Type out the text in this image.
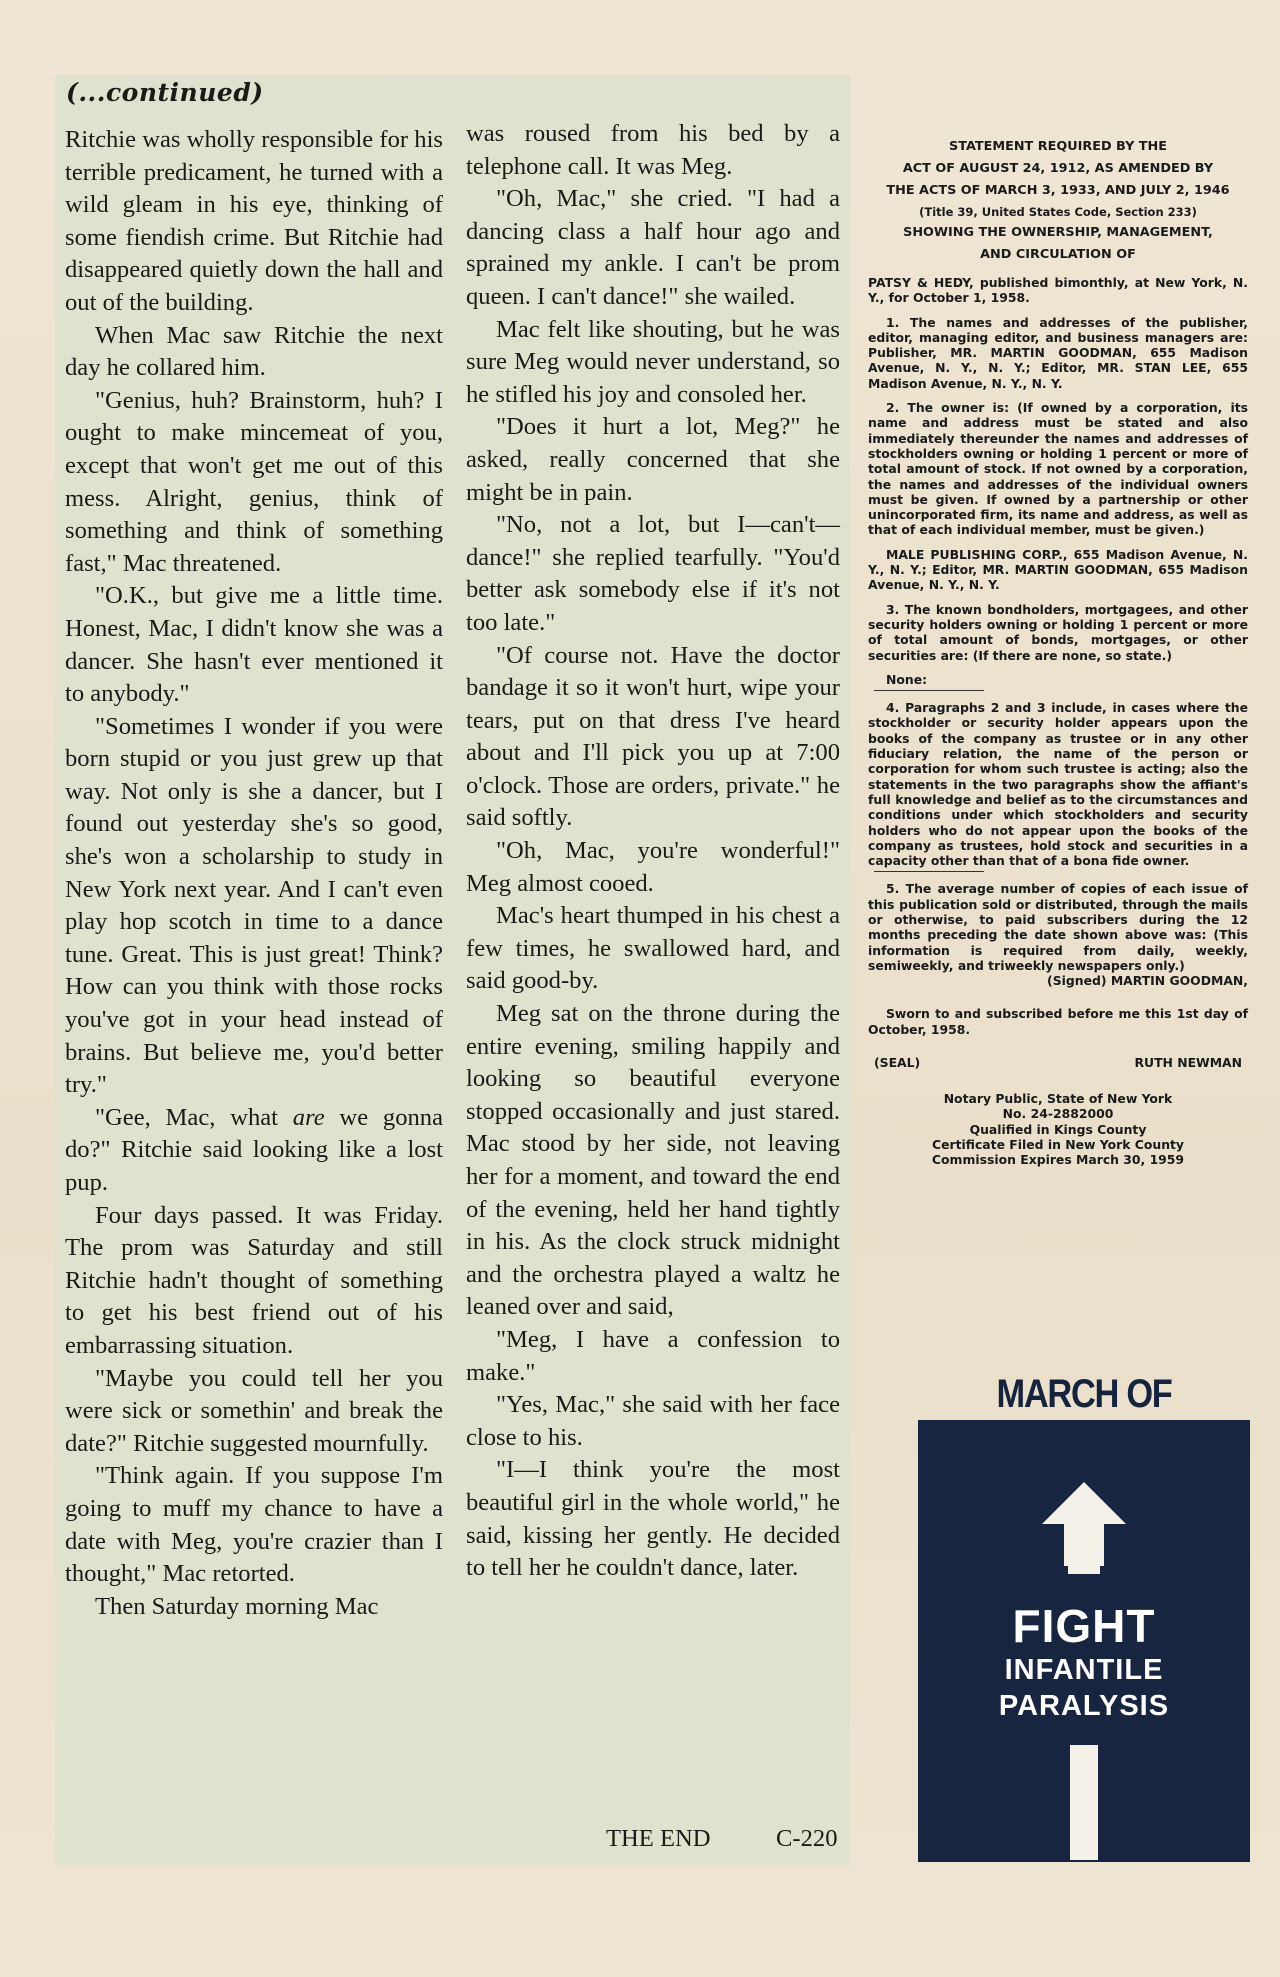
(...continued)

Ritchie was wholly responsible for his terrible predicament, he turned with a wild gleam in his eye, thinking of some fiendish crime. But Ritchie had disappeared quietly down the hall and out of the building.

When Mac saw Ritchie the next day he collared him.

"Genius, huh? Brainstorm, huh? I ought to make mincemeat of you, except that won't get me out of this mess. Alright, genius, think of something and think of something fast," Mac threatened.

"O.K., but give me a little time. Honest, Mac, I didn't know she was a dancer. She hasn't ever mentioned it to anybody."

"Sometimes I wonder if you were born stupid or you just grew up that way. Not only is she a dancer, but I found out yesterday she's so good, she's won a scholarship to study in New York next year. And I can't even play hop scotch in time to a dance tune. Great. This is just great! Think? How can you think with those rocks you've got in your head instead of brains. But believe me, you'd better try."

"Gee, Mac, what are we gonna do?" Ritchie said looking like a lost pup.

Four days passed. It was Friday. The prom was Saturday and still Ritchie hadn't thought of something to get his best friend out of his embarrassing situation.

"Maybe you could tell her you were sick or somethin' and break the date?" Ritchie suggested mournfully.

"Think again. If you suppose I'm going to muff my chance to have a date with Meg, you're crazier than I thought," Mac retorted.

Then Saturday morning Mac

was roused from his bed by a telephone call. It was Meg.

"Oh, Mac," she cried. "I had a dancing class a half hour ago and sprained my ankle. I can't be prom queen. I can't dance!" she wailed.

Mac felt like shouting, but he was sure Meg would never understand, so he stifled his joy and consoled her.

"Does it hurt a lot, Meg?" he asked, really concerned that she might be in pain.

"No, not a lot, but I—can't—dance!" she replied tearfully. "You'd better ask somebody else if it's not too late."

"Of course not. Have the doctor bandage it so it won't hurt, wipe your tears, put on that dress I've heard about and I'll pick you up at 7:00 o'clock. Those are orders, private." he said softly.

"Oh, Mac, you're wonderful!" Meg almost cooed.

Mac's heart thumped in his chest a few times, he swallowed hard, and said good-by.

Meg sat on the throne during the entire evening, smiling happily and looking so beautiful everyone stopped occasionally and just stared. Mac stood by her side, not leaving her for a moment, and toward the end of the evening, held her hand tightly in his. As the clock struck midnight and the orchestra played a waltz he leaned over and said,

"Meg, I have a confession to make."

"Yes, Mac," she said with her face close to his.

"I—I think you're the most beautiful girl in the whole world," he said, kissing her gently. He decided to tell her he couldn't dance, later.

THE END	C-220
STATEMENT REQUIRED BY THE
ACT OF AUGUST 24, 1912, AS AMENDED BY
THE ACTS OF MARCH 3, 1933, AND JULY 2, 1946
(Title 39, United States Code, Section 233)
SHOWING THE OWNERSHIP, MANAGEMENT,
AND CIRCULATION OF

PATSY & HEDY, published bimonthly, at New York, N. Y., for October 1, 1958.

1. The names and addresses of the publisher, editor, managing editor, and business managers are: Publisher, MR. MARTIN GOODMAN, 655 Madison Avenue, N. Y., N. Y.; Editor, MR. STAN LEE, 655 Madison Avenue, N. Y., N. Y.

2. The owner is: (If owned by a corporation, its name and address must be stated and also immediately thereunder the names and addresses of stockholders owning or holding 1 percent or more of total amount of stock. If not owned by a corporation, the names and addresses of the individual owners must be given. If owned by a partnership or other unincorporated firm, its name and address, as well as that of each individual member, must be given.)

MALE PUBLISHING CORP., 655 Madison Avenue, N. Y., N. Y.; Editor, MR. MARTIN GOODMAN, 655 Madison Avenue, N. Y., N. Y.

3. The known bondholders, mortgagees, and other security holders owning or holding 1 percent or more of total amount of bonds, mortgages, or other securities are: (If there are none, so state.)

None:

4. Paragraphs 2 and 3 include, in cases where the stockholder or security holder appears upon the books of the company as trustee or in any other fiduciary relation, the name of the person or corporation for whom such trustee is acting; also the statements in the two paragraphs show the affiant's full knowledge and belief as to the circumstances and conditions under which stockholders and security holders who do not appear upon the books of the company as trustees, hold stock and securities in a capacity other than that of a bona fide owner.

5. The average number of copies of each issue of this publication sold or distributed, through the mails or otherwise, to paid subscribers during the 12 months preceding the date shown above was: (This information is required from daily, weekly, semiweekly, and triweekly newspapers only.)

(Signed) MARTIN GOODMAN,

Sworn to and subscribed before me this 1st day of October, 1958.

(SEAL)	RUTH NEWMAN
Notary Public, State of New York
No. 24-2882000
Qualified in Kings County
Certificate Filed in New York County
Commission Expires March 30, 1959
MARCH OF
FIGHT
INFANTILE
PARALYSIS
